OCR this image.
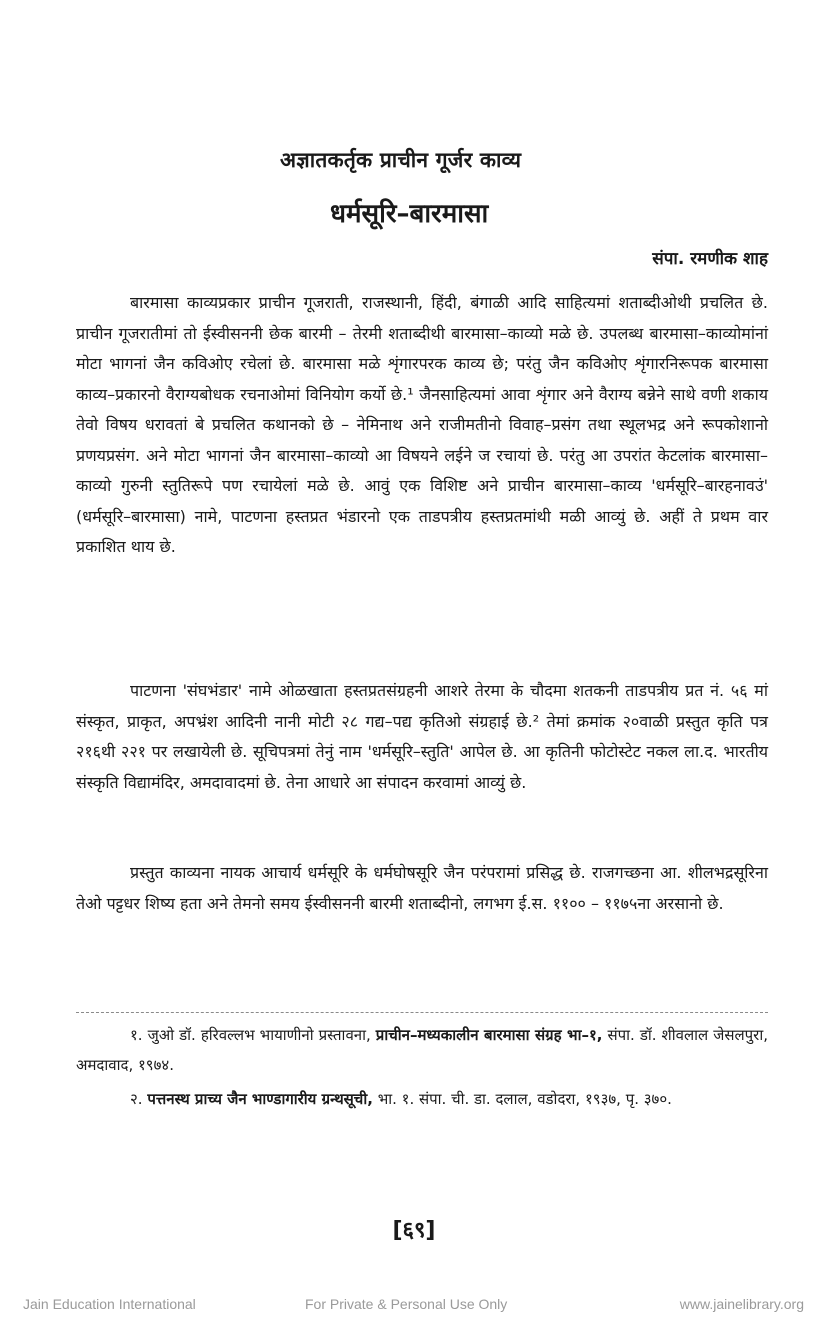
अज्ञातकर्तृक प्राचीन गूर्जर काव्य
धर्मसूरि–बारमासा
संपा. रमणीक शाह

बारमासा काव्यप्रकार प्राचीन गूजराती, राजस्थानी, हिंदी, बंगाळी आदि साहित्यमां शताब्दीओथी प्रचलित छे. प्राचीन गूजरातीमां तो ईस्वीसननी छेक बारमी – तेरमी शताब्दीथी बारमासा–काव्यो मळे छे. उपलब्ध बारमासा–काव्योमांनां मोटा भागनां जैन कविओए रचेलां छे. बारमासा मळे शृंगारपरक काव्य छे; परंतु जैन कविओए शृंगारनिरूपक बारमासा काव्य–प्रकारनो वैराग्यबोधक रचनाओमां विनियोग कर्यो छे.¹ जैनसाहित्यमां आवा शृंगार अने वैराग्य बन्नेने साथे वणी शकाय तेवो विषय धरावतां बे प्रचलित कथानको छे – नेमिनाथ अने राजीमतीनो विवाह–प्रसंग तथा स्थूलभद्र अने रूपकोशानो प्रणयप्रसंग. अने मोटा भागनां जैन बारमासा–काव्यो आ विषयने लईने ज रचायां छे. परंतु आ उपरांत केटलांक बारमासा–काव्यो गुरुनी स्तुतिरूपे पण रचायेलां मळे छे. आवुं एक विशिष्ट अने प्राचीन बारमासा–काव्य 'धर्मसूरि–बारहनावउं' (धर्मसूरि–बारमासा) नामे, पाटणना हस्तप्रत भंडारनो एक ताडपत्रीय हस्तप्रतमांथी मळी आव्युं छे. अहीं ते प्रथम वार प्रकाशित थाय छे.

पाटणना 'संघभंडार' नामे ओळखाता हस्तप्रतसंग्रहनी आशरे तेरमा के चौदमा शतकनी ताडपत्रीय प्रत नं. ५६ मां संस्कृत, प्राकृत, अपभ्रंश आदिनी नानी मोटी २८ गद्य–पद्य कृतिओ संग्रहाई छे.² तेमां क्रमांक २०वाळी प्रस्तुत कृति पत्र २१६थी २२१ पर लखायेली छे. सूचिपत्रमां तेनुं नाम 'धर्मसूरि–स्तुति' आपेल छे. आ कृतिनी फोटोस्टेट नकल ला.द. भारतीय संस्कृति विद्यामंदिर, अमदावादमां छे. तेना आधारे आ संपादन करवामां आव्युं छे.

प्रस्तुत काव्यना नायक आचार्य धर्मसूरि के धर्मघोषसूरि जैन परंपरामां प्रसिद्ध छे. राजगच्छना आ. शीलभद्रसूरिना तेओ पट्टधर शिष्य हता अने तेमनो समय ईस्वीसननी बारमी शताब्दीनो, लगभग ई.स. ११०० – ११७५ना अरसानो छे.

१. जुओ डॉ. हरिवल्लभ भायाणीनो प्रस्तावना, प्राचीन–मध्यकालीन बारमासा संग्रह भा–१, संपा. डॉ. शीवलाल जेसलपुरा, अमदावाद, १९७४.

२. पत्तनस्थ प्राच्य जैन भाण्डागारीय ग्रन्थसूची, भा. १. संपा. ची. डा. दलाल, वडोदरा, १९३७, पृ. ३७०.

[६९]
Jain Education International	For Private & Personal Use Only	www.jainelibrary.org
